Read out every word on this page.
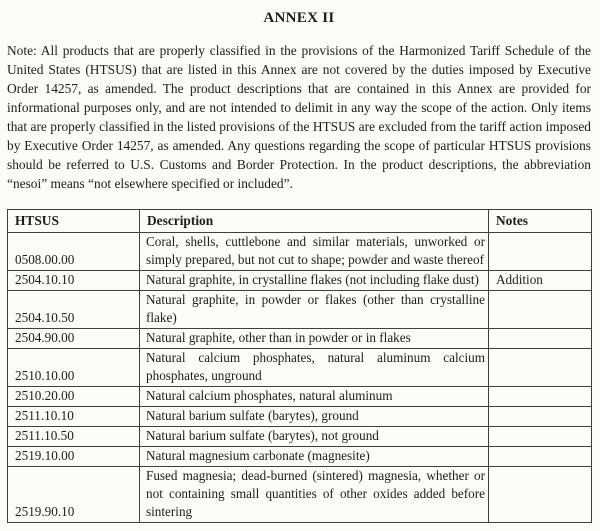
ANNEX II

Note: All products that are properly classified in the provisions of the Harmonized Tariff Schedule of the United States (HTSUS) that are listed in this Annex are not covered by the duties imposed by Executive Order 14257, as amended. The product descriptions that are contained in this Annex are provided for informational purposes only, and are not intended to delimit in any way the scope of the action. Only items that are properly classified in the listed provisions of the HTSUS are excluded from the tariff action imposed by Executive Order 14257, as amended. Any questions regarding the scope of particular HTSUS provisions should be referred to U.S. Customs and Border Protection. In the product descriptions, the abbreviation “nesoi” means “not elsewhere specified or included”.

HTSUS	Description	Notes
0508.00.00	Coral, shells, cuttlebone and similar materials, unworked or simply prepared, but not cut to shape; powder and waste thereof	
2504.10.10	Natural graphite, in crystalline flakes (not including flake dust)	Addition
2504.10.50	Natural graphite, in powder or flakes (other than crystalline flake)	
2504.90.00	Natural graphite, other than in powder or in flakes	
2510.10.00	Natural calcium phosphates, natural aluminum calcium phosphates, unground	
2510.20.00	Natural calcium phosphates, natural aluminum	
2511.10.10	Natural barium sulfate (barytes), ground	
2511.10.50	Natural barium sulfate (barytes), not ground	
2519.10.00	Natural magnesium carbonate (magnesite)	
2519.90.10	Fused magnesia; dead-burned (sintered) magnesia, whether or not containing small quantities of other oxides added before sintering	
